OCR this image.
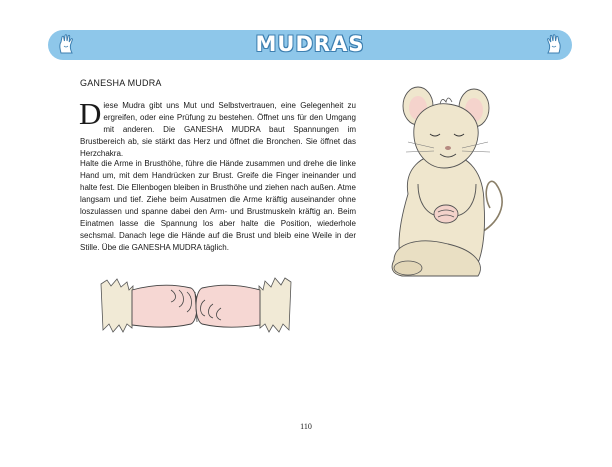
MUDRAS
GANESHA MUDRA
Diese Mudra gibt uns Mut und Selbstvertrauen, eine Gelegenheit zu ergreifen, oder eine Prüfung zu bestehen. Öffnet uns für den Umgang mit anderen. Die GANESHA MUDRA baut Spannungen im Brustbereich ab, sie stärkt das Herz und öffnet die Bronchen. Sie öffnet das Herzchakra.
Halte die Arme in Brusthöhe, führe die Hände zusammen und drehe die linke Hand um, mit dem Handrücken zur Brust. Greife die Finger ineinander und halte fest. Die Ellenbogen bleiben in Brusthöhe und ziehen nach außen. Atme langsam und tief. Ziehe beim Ausatmen die Arme kräftig auseinander ohne loszulassen und spanne dabei den Arm- und Brustmuskeln kräftig an. Beim Einatmen lasse die Spannung los aber halte die Position, wiederhole sechsmal. Danach lege die Hände auf die Brust und bleib eine Weile in der Stille. Übe die GANESHA MUDRA täglich.
110
